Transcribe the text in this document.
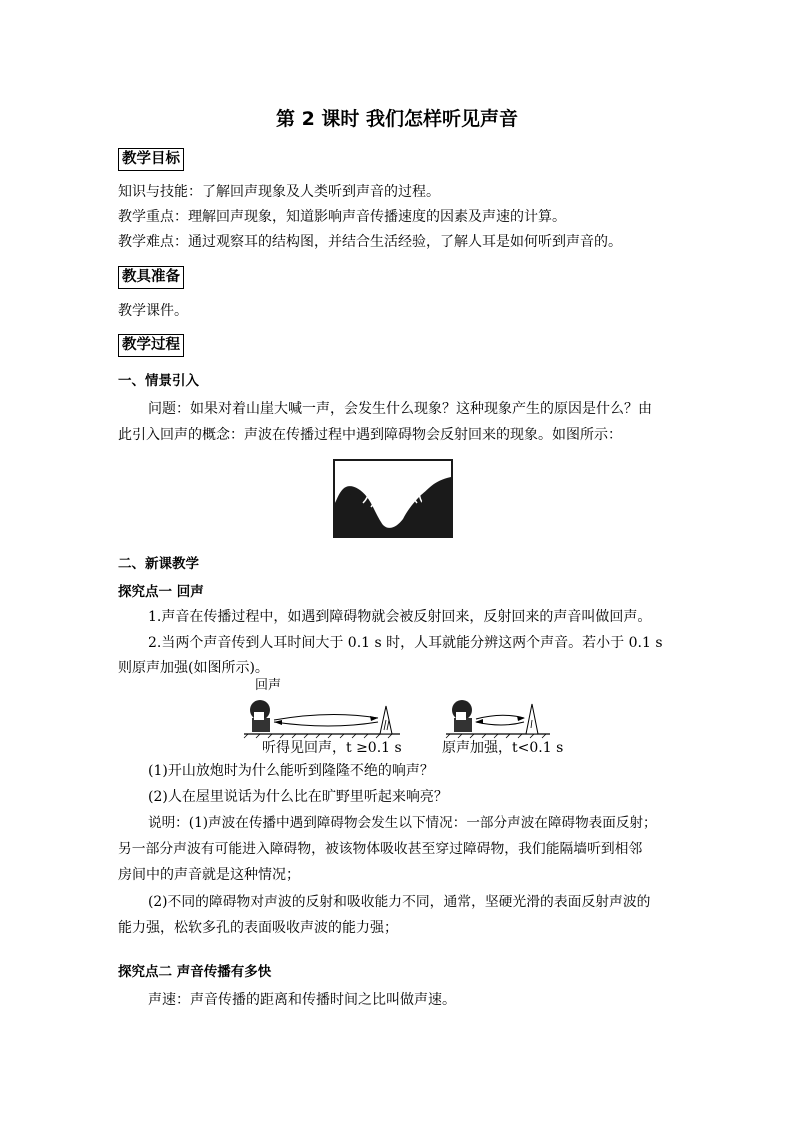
第 2 课时 我们怎样听见声音
教学目标
知识与技能：了解回声现象及人类听到声音的过程。
教学重点：理解回声现象，知道影响声音传播速度的因素及声速的计算。
教学难点：通过观察耳的结构图，并结合生活经验，了解人耳是如何听到声音的。
教具准备
教学课件。
教学过程
一、情景引入
问题：如果对着山崖大喊一声，会发生什么现象？这种现象产生的原因是什么？由
此引入回声的概念：声波在传播过程中遇到障碍物会反射回来的现象。如图所示：
二、新课教学
探究点一 回声
1.声音在传播过程中，如遇到障碍物就会被反射回来，反射回来的声音叫做回声。
2.当两个声音传到人耳时间大于 0.1 s 时，人耳就能分辨这两个声音。若小于 0.1 s
则原声加强(如图所示)。
回声
听得见回声，t ≥0.1 s	原声加强，t<0.1 s
(1)开山放炮时为什么能听到隆隆不绝的响声？
(2)人在屋里说话为什么比在旷野里听起来响亮？
说明：(1)声波在传播中遇到障碍物会发生以下情况：一部分声波在障碍物表面反射；
另一部分声波有可能进入障碍物，被该物体吸收甚至穿过障碍物，我们能隔墙听到相邻
房间中的声音就是这种情况；
(2)不同的障碍物对声波的反射和吸收能力不同，通常，坚硬光滑的表面反射声波的
能力强，松软多孔的表面吸收声波的能力强；
探究点二 声音传播有多快
声速：声音传播的距离和传播时间之比叫做声速。
